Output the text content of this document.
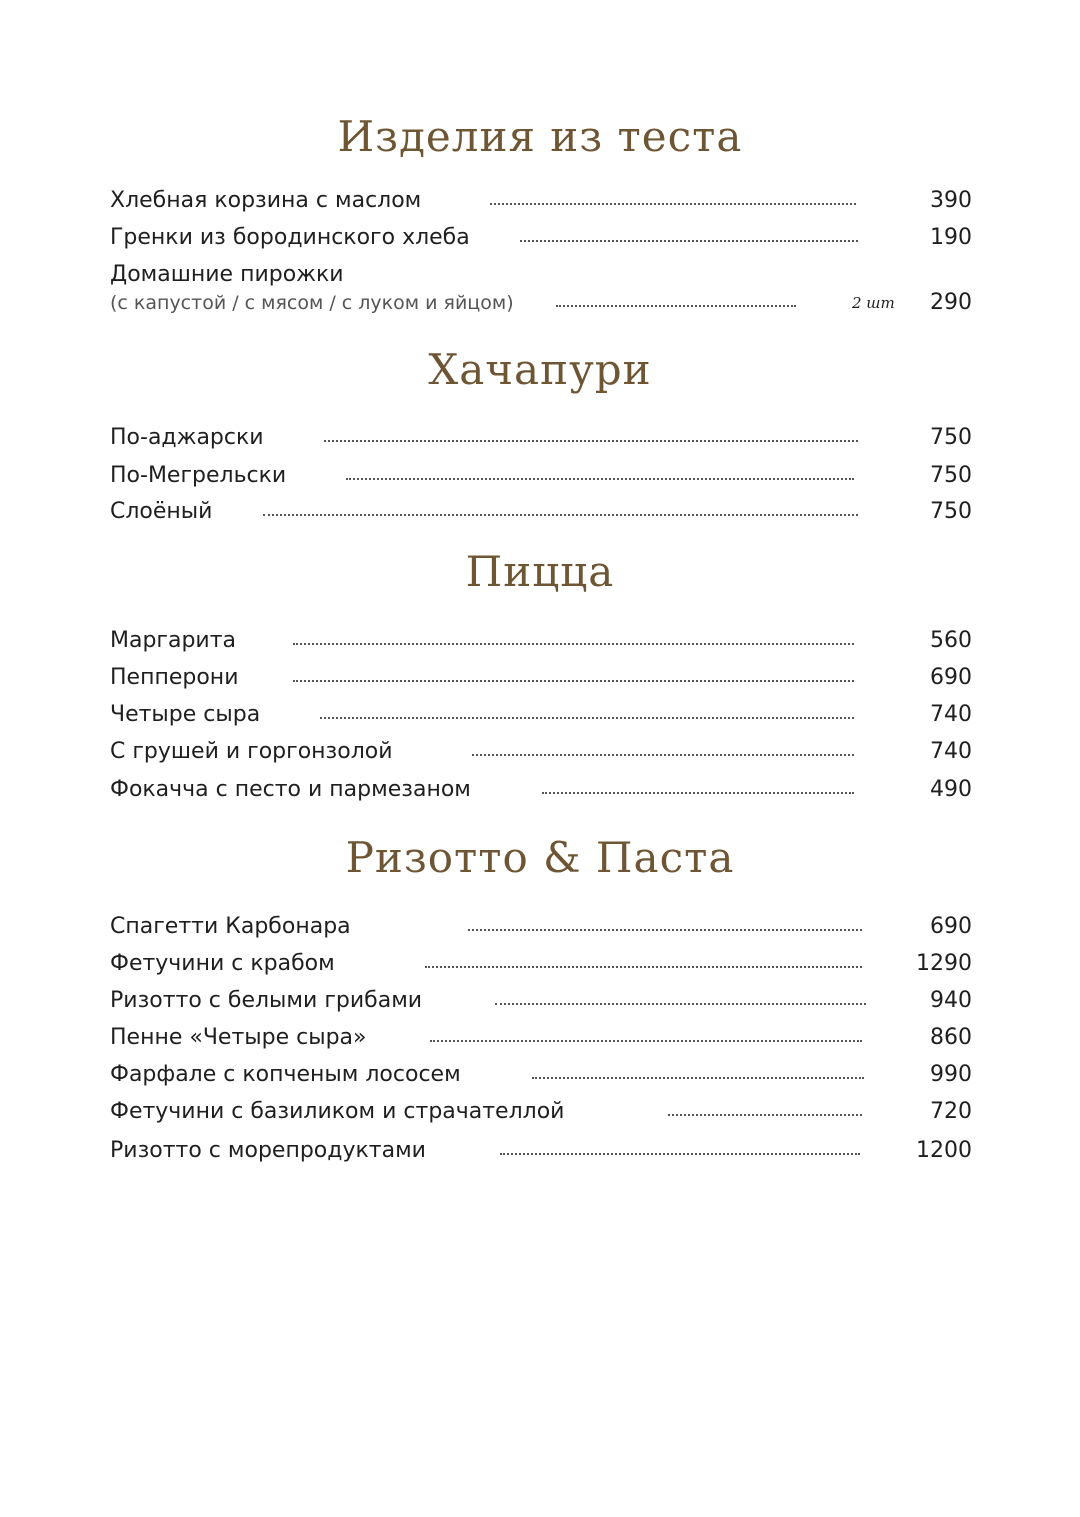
Изделия из теста
Хлебная корзина с маслом	390
Гренки из бородинского хлеба	190
Домашние пирожки
(с капустой / с мясом / с луком и яйцом)	2 шт 290
Хачапури
По-аджарски	750
По-Мегрельски	750
Слоёный	750
Пицца
Маргарита	560
Пепперони	690
Четыре сыра	740
С грушей и горгонзолой	740
Фокачча с песто и пармезаном	490
Ризотто & Паста
Спагетти Карбонара	690
Фетучини с крабом	1290
Ризотто с белыми грибами	940
Пенне «Четыре сыра»	860
Фарфале с копченым лососем	990
Фетучини с базиликом и страчателлой	720
Ризотто с морепродуктами	1200
